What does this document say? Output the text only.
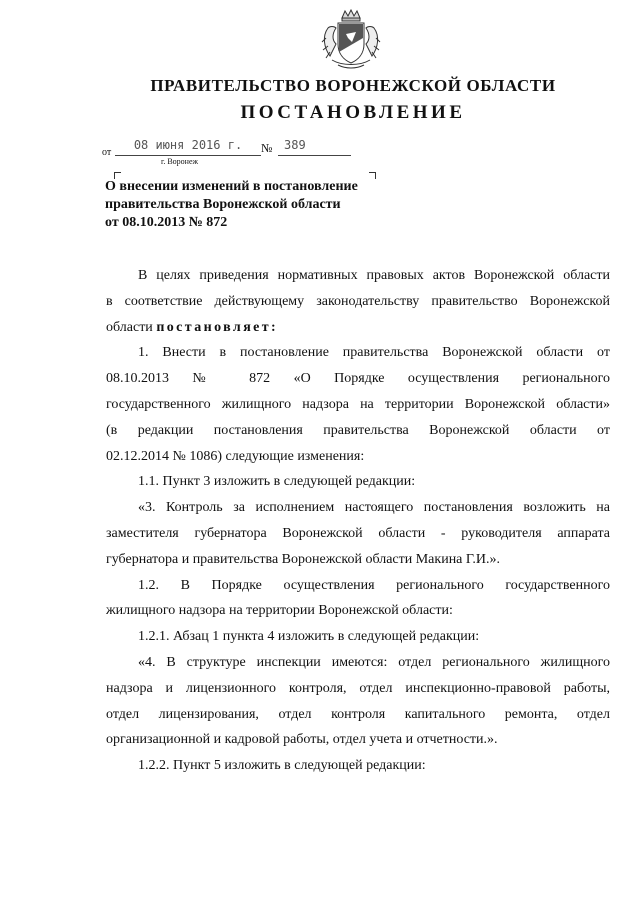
ПРАВИТЕЛЬСТВО ВОРОНЕЖСКОЙ ОБЛАСТИ
ПОСТАНОВЛЕНИЕ
от
08 июня 2016 г.	№ 389
г. Воронеж
О внесении изменений в постановление
правительства Воронежской области
от 08.10.2013 № 872
В целях приведения нормативных правовых актов Воронежской области
в соответствие действующему законодательству правительство Воронежской
области постановляет:
1. Внести в постановление правительства Воронежской области от
08.10.2013 № 872 «О Порядке осуществления регионального
государственного жилищного надзора на территории Воронежской области»
(в редакции постановления правительства Воронежской области от
02.12.2014 № 1086) следующие изменения:
1.1. Пункт 3 изложить в следующей редакции:
«3. Контроль за исполнением настоящего постановления возложить на
заместителя губернатора Воронежской области - руководителя аппарата
губернатора и правительства Воронежской области Макина Г.И.».
1.2. В Порядке осуществления регионального государственного
жилищного надзора на территории Воронежской области:
1.2.1. Абзац 1 пункта 4 изложить в следующей редакции:
«4. В структуре инспекции имеются: отдел регионального жилищного
надзора и лицензионного контроля, отдел инспекционно-правовой работы,
отдел лицензирования, отдел контроля капитального ремонта, отдел
организационной и кадровой работы, отдел учета и отчетности.».
1.2.2. Пункт 5 изложить в следующей редакции:
